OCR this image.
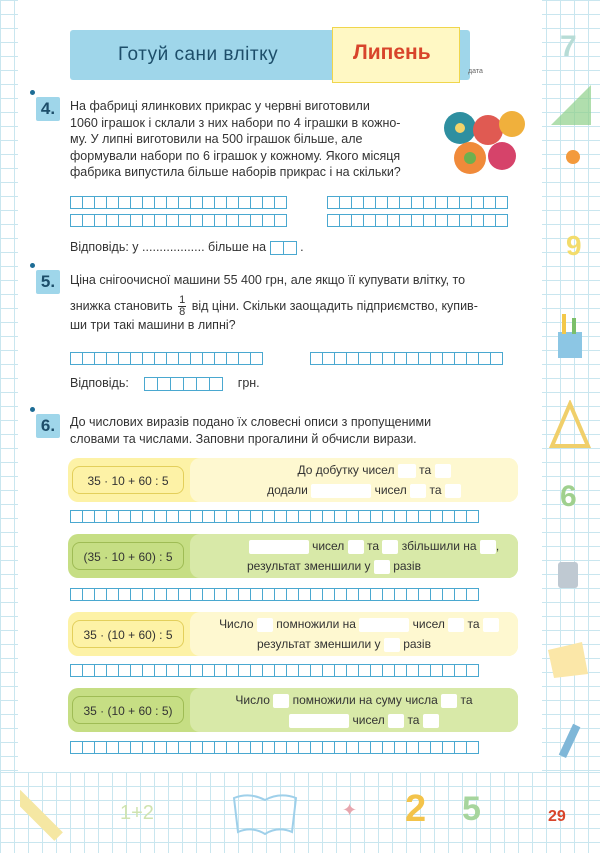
7
9
6
1+2	✦ 2 5
Готуй сани влітку	Липень
дата
4.	На фабриці ялинкових прикрас у червні виготовили
1060 іграшок і склали з них набори по 4 іграшки в кожно-
му. У липні виготовили на 500 іграшок більше, але
формували набори по 6 іграшок у кожному. Якого місяця
фабрика випустила більше наборів прикрас і на скільки?
Відповідь: у .................. більше на	.
5.	Ціна снігоочисної машини 55 400 грн, але якщо її купувати влітку, то
знижка становить $\frac{1}{8}$ від ціни. Скільки заощадить підприємство, купив-
ши три такі машини в липні?
Відповідь:	грн.
6.	До числових виразів подано їх словесні описи з пропущеними
словами та числами. Заповни прогалини й обчисли вирази.
35 · 10 + 60 : 5
До добутку чисел та
додали	чисел та
(35 · 10 + 60) : 5
чисел та збільшили на ,
результат зменшили у разів
35 · (10 + 60) : 5
Число помножили на	чисел та
результат зменшили у разів
35 · (10 + 60 : 5)
Число помножили на суму числа та
чисел та
29
